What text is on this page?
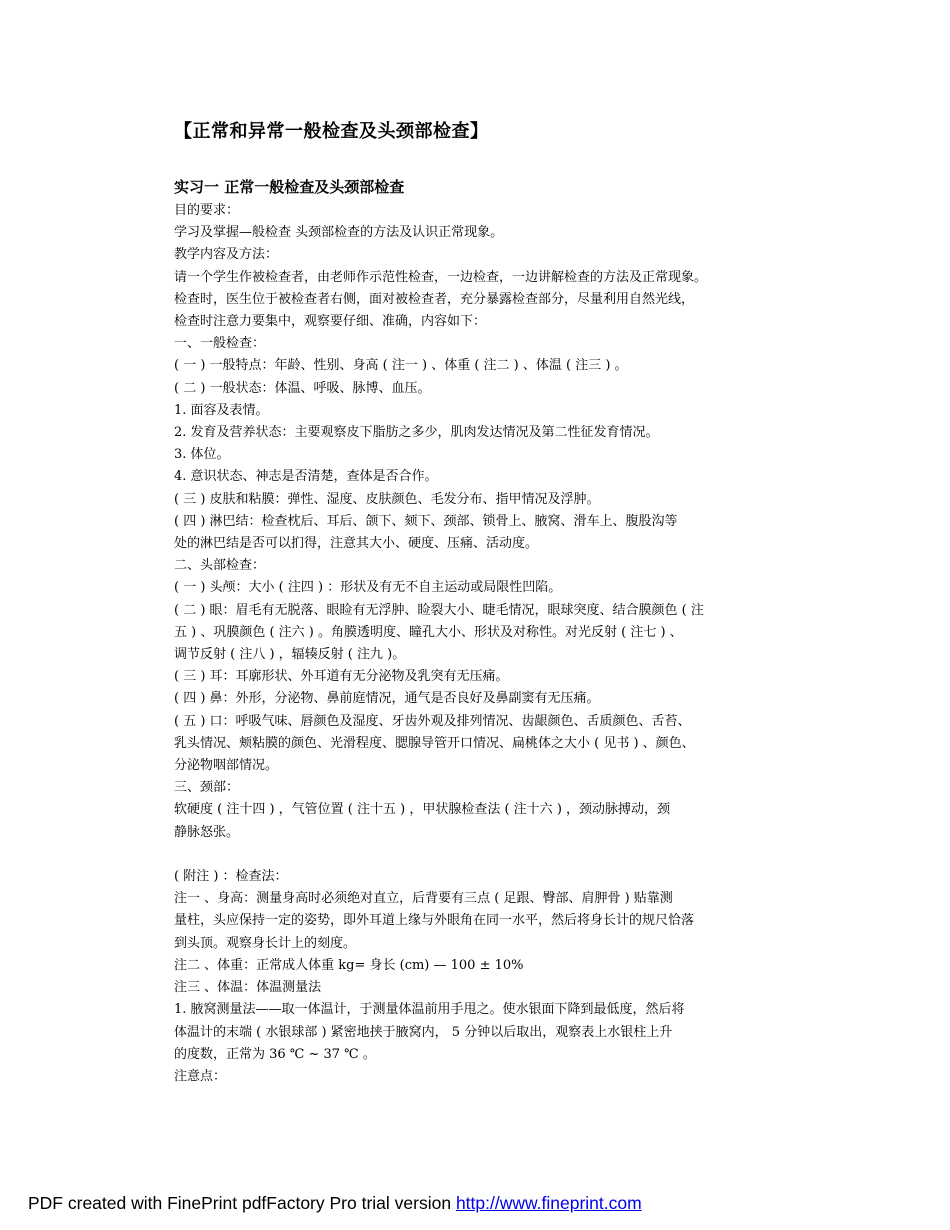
【正常和异常一般检查及头颈部检查】
实习一 正常一般检查及头颈部检查
目的要求：
学习及掌握—般检查 头颈部检查的方法及认识正常现象。
教学内容及方法：
请一个学生作被检查者，由老师作示范性检查，一边检查，一边讲解检查的方法及正常现象。
检查时，医生位于被检查者右侧，面对被检查者，充分暴露检查部分，尽量利用自然光线，
检查时注意力要集中，观察要仔细、准确，内容如下：
一、一般检查：
( 一 ) 一般特点：年龄、性别、身高 ( 注一 ) 、体重 ( 注二 ) 、体温 ( 注三 ) 。
( 二 ) 一般状态：体温、呼吸、脉博、血压。
1. 面容及表情。
2. 发育及营养状态：主要观察皮下脂肪之多少，肌肉发达情况及第二性征发育情况。
3. 体位。
4. 意识状态、神志是否清楚，查体是否合作。
( 三 ) 皮肤和粘膜：弹性、湿度、皮肤颜色、毛发分布、指甲情况及浮肿。
( 四 ) 淋巴结：检查枕后、耳后、颌下、颏下、颈部、锁骨上、腋窝、滑车上、腹股沟等
处的淋巴结是否可以扪得，注意其大小、硬度、压痛、活动度。
二、头部检查：
( 一 ) 头颅：大小 ( 注四 ) ：形状及有无不自主运动或局限性凹陷。
( 二 ) 眼：眉毛有无脱落、眼睑有无浮肿、睑裂大小、睫毛情况，眼球突度、结合膜颜色 ( 注
五 ) 、巩膜颜色 ( 注六 ) 。角膜透明度、瞳孔大小、形状及对称性。对光反射 ( 注七 ) 、
调节反射 ( 注八 ) ，辐辏反射 ( 注九 )。
( 三 ) 耳：耳廓形状、外耳道有无分泌物及乳突有无压痛。
( 四 ) 鼻：外形，分泌物、鼻前庭情况，通气是否良好及鼻副窦有无压痛。
( 五 ) 口：呼吸气味、唇颜色及湿度、牙齿外观及排列情况、齿龈颜色、舌质颜色、舌苔、
乳头情况、颊粘膜的颜色、光滑程度、腮腺导管开口情况、扁桃体之大小 ( 见书 ) 、颜色、
分泌物咽部情况。
三、颈部：
软硬度 ( 注十四 ) ，气管位置 ( 注十五 ) ，甲状腺检查法 ( 注十六 ) ，颈动脉搏动，颈
静脉怒张。
( 附注 ) ：检查法：
注一 、身高：测量身高时必须绝对直立，后背要有三点 ( 足跟、臀部、肩胛骨 ) 贴靠测
量柱，头应保持一定的姿势，即外耳道上缘与外眼角在同一水平，然后将身长计的规尺恰落
到头顶。观察身长计上的刻度。
注二 、体重：正常成人体重 kg= 身长 (cm) — 100 ± 10%
注三 、体温：体温测量法
1. 腋窝测量法——取一体温计，于测量体温前用手甩之。使水银面下降到最低度，然后将
体温计的末端 ( 水银球部 ) 紧密地挟于腋窝内， 5 分钟以后取出，观察表上水银柱上升
的度数，正常为 36 ℃ ~ 37 ℃ 。
注意点：
PDF created with FinePrint pdfFactory Pro trial version http://www.fineprint.com
